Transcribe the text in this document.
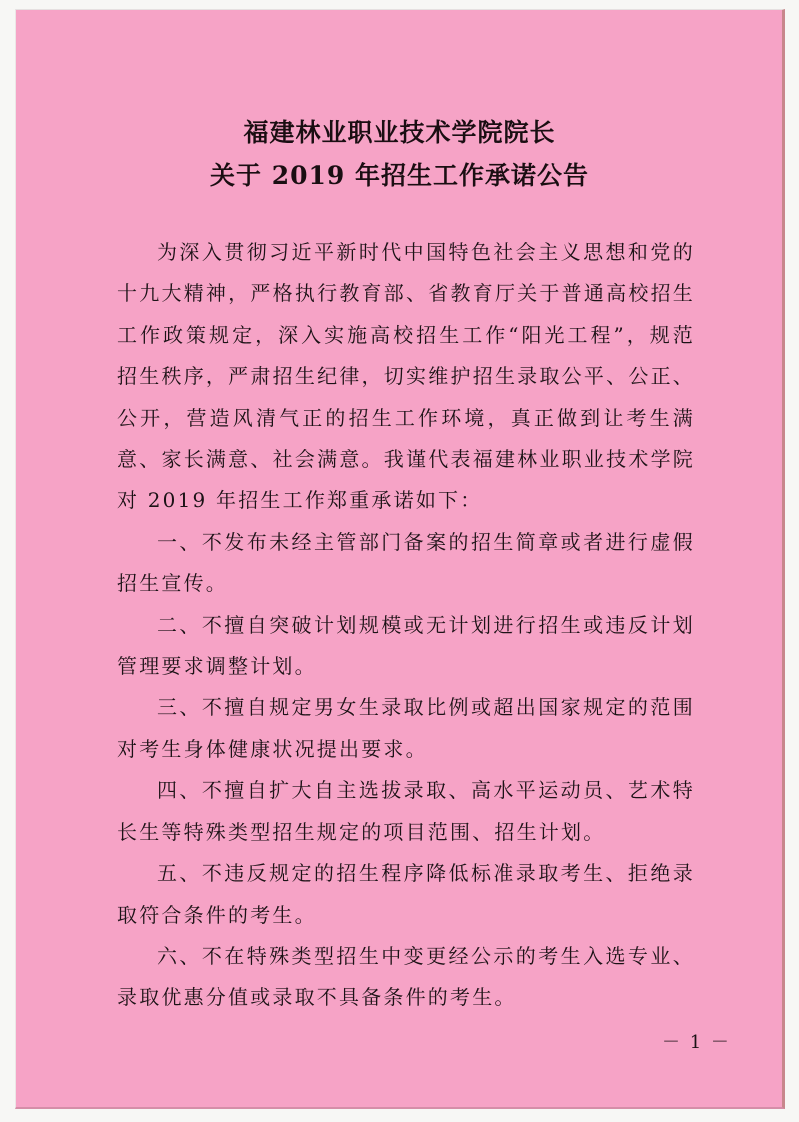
福建林业职业技术学院院长
关于 2019 年招生工作承诺公告

为深入贯彻习近平新时代中国特色社会主义思想和党的十九大精神，严格执行教育部、省教育厅关于普通高校招生工作政策规定，深入实施高校招生工作“阳光工程”，规范招生秩序，严肃招生纪律，切实维护招生录取公平、公正、公开，营造风清气正的招生工作环境，真正做到让考生满意、家长满意、社会满意。我谨代表福建林业职业技术学院对 2019 年招生工作郑重承诺如下：

一、不发布未经主管部门备案的招生简章或者进行虚假招生宣传。

二、不擅自突破计划规模或无计划进行招生或违反计划管理要求调整计划。

三、不擅自规定男女生录取比例或超出国家规定的范围对考生身体健康状况提出要求。

四、不擅自扩大自主选拔录取、高水平运动员、艺术特长生等特殊类型招生规定的项目范围、招生计划。

五、不违反规定的招生程序降低标准录取考生、拒绝录取符合条件的考生。

六、不在特殊类型招生中变更经公示的考生入选专业、录取优惠分值或录取不具备条件的考生。

－ 1 －
